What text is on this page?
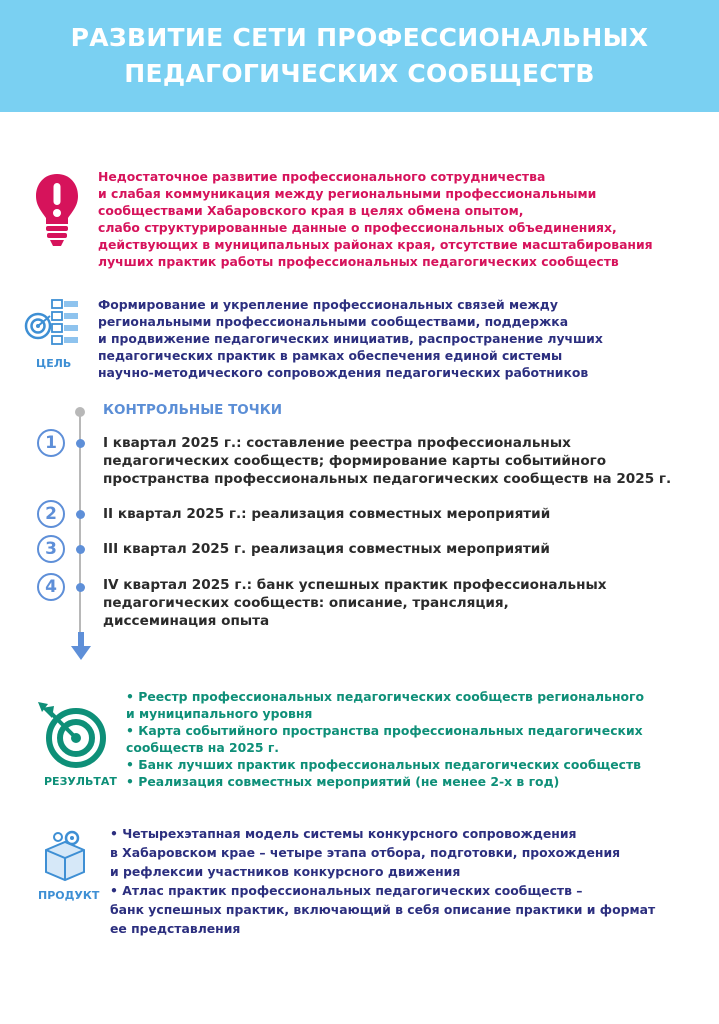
РАЗВИТИЕ СЕТИ ПРОФЕССИОНАЛЬНЫХ
ПЕДАГОГИЧЕСКИХ СООБЩЕСТВ
Недостаточное развитие профессионального сотрудничества
и слабая коммуникация между региональными профессиональными
сообществами Хабаровского края в целях обмена опытом,
слабо структурированные данные о профессиональных объединениях,
действующих в муниципальных районах края, отсутствие масштабирования
лучших практик работы профессиональных педагогических сообществ
ЦЕЛЬ
Формирование и укрепление профессиональных связей между
региональными профессиональными сообществами, поддержка
и продвижение педагогических инициатив, распространение лучших
педагогических практик в рамках обеспечения единой системы
научно-методического сопровождения педагогических работников
КОНТРОЛЬНЫЕ ТОЧКИ
1	I квартал 2025 г.: составление реестра профессиональных
педагогических сообществ; формирование карты событийного
пространства профессиональных педагогических сообществ на 2025 г.
2	II квартал 2025 г.: реализация совместных мероприятий
3	III квартал 2025 г. реализация совместных мероприятий
4	IV квартал 2025 г.: банк успешных практик профессиональных
педагогических сообществ: описание, трансляция,
диссеминация опыта
РЕЗУЛЬТАТ
• Реестр профессиональных педагогических сообществ регионального
и муниципального уровня
• Карта событийного пространства профессиональных педагогических
сообществ на 2025 г.
• Банк лучших практик профессиональных педагогических сообществ
• Реализация совместных мероприятий (не менее 2-х в год)
ПРОДУКТ
• Четырехэтапная модель системы конкурсного сопровождения
в Хабаровском крае – четыре этапа отбора, подготовки, прохождения
и рефлексии участников конкурсного движения
• Атлас практик профессиональных педагогических сообществ –
банк успешных практик, включающий в себя описание практики и формат
ее представления
